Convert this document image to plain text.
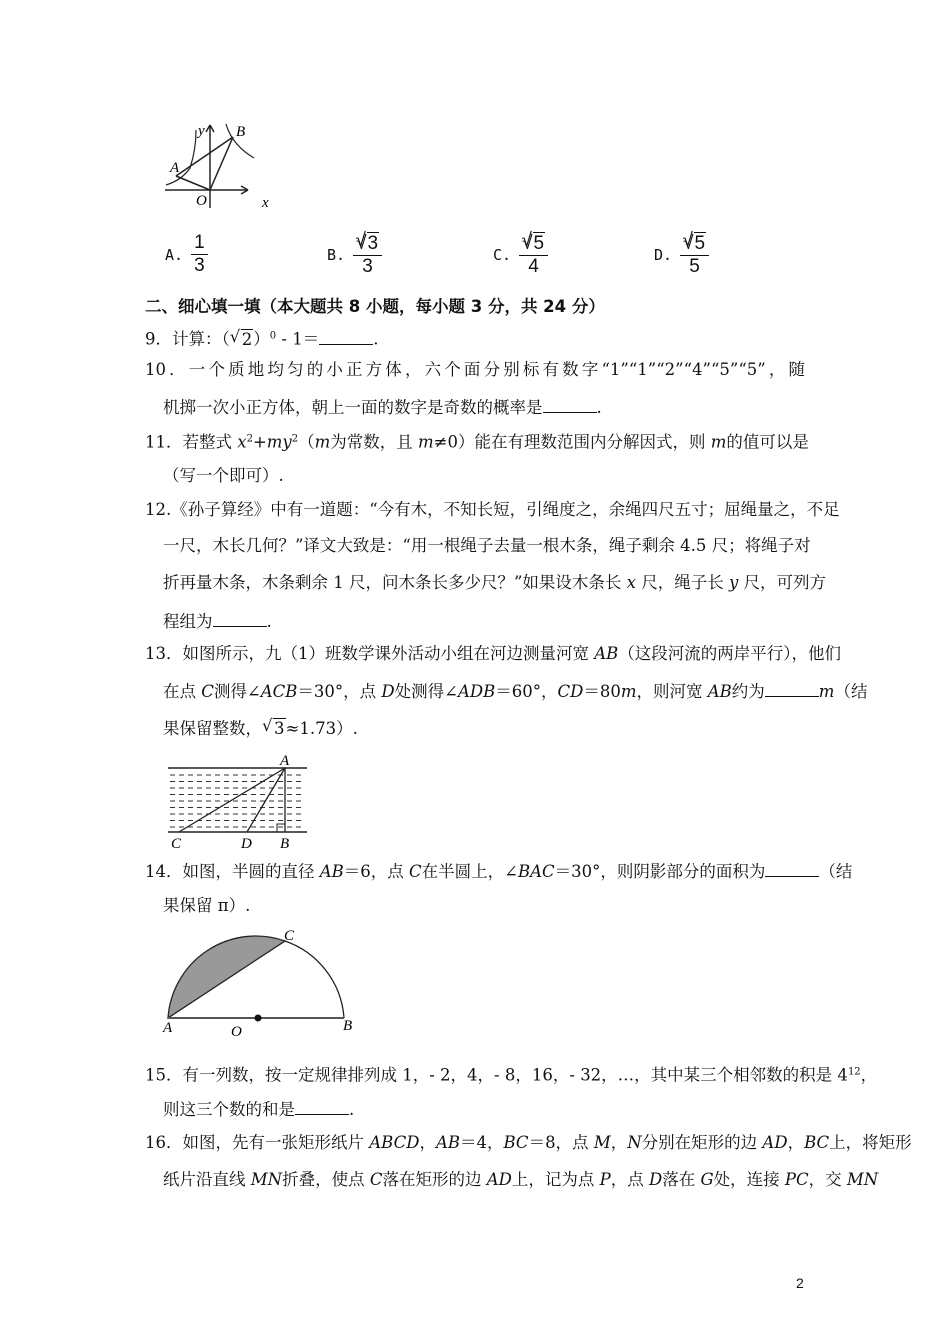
y B
A
O	x
A. $\frac{1}{3}$	B. $\frac{√√ 3}{3}$	C. $\frac{√√ 5}{4}$	D. $\frac{√√ 5}{5}$
二、细心填一填（本大题共 8 小题，每小题 3 分，共 24 分）
9．计算：（ √ 2）$^0$ - 1＝	.
10．一个质地均匀的小正方体，六个面分别标有数字“1”“1”“2”“4”“5”“5”，随
机掷一次小正方体，朝上一面的数字是奇数的概率是	.
11．若整式 $x^2+my^2(m$为常数，且 m≠0）能在有理数范围内分解因式，则 m的值可以是
（写一个即可）.
12.《孙子算经》中有一道题：“今有木，不知长短，引绳度之，余绳四尺五寸；屈绳量之，不足
一尺，木长几何？”译文大致是：“用一根绳子去量一根木条，绳子剩余 4.5 尺；将绳子对
折再量木条，木条剩余 1 尺，问木条长多少尺？”如果设木条长 x 尺，绳子长 y 尺，可列方
程组为	.
13．如图所示，九（1）班数学课外活动小组在河边测量河宽 AB（这段河流的两岸平行），他们
在点 C测得∠ACB＝30°，点 D处测得∠ADB＝60°，CD＝80m，则河宽 AB约为	m（结
果保留整数， √ 3≈1.73）.
A
C	D B
14．如图，半圆的直径 AB＝6，点 C在半圆上，∠BAC＝30°，则阴影部分的面积为	（结
果保留 π）.
C
A	O	B
15．有一列数，按一定规律排列成 1，- 2，4，- 8，16，- 32，…，其中某三个相邻数的积是 $4^{12}$，
则这三个数的和是	.
16．如图，先有一张矩形纸片 ABCD，AB＝4，BC＝8，点 M，N分别在矩形的边 AD，BC上，将矩形
纸片沿直线 MN折叠，使点 C落在矩形的边 AD上，记为点 P，点 D落在 G处，连接 PC，交 MN
2
